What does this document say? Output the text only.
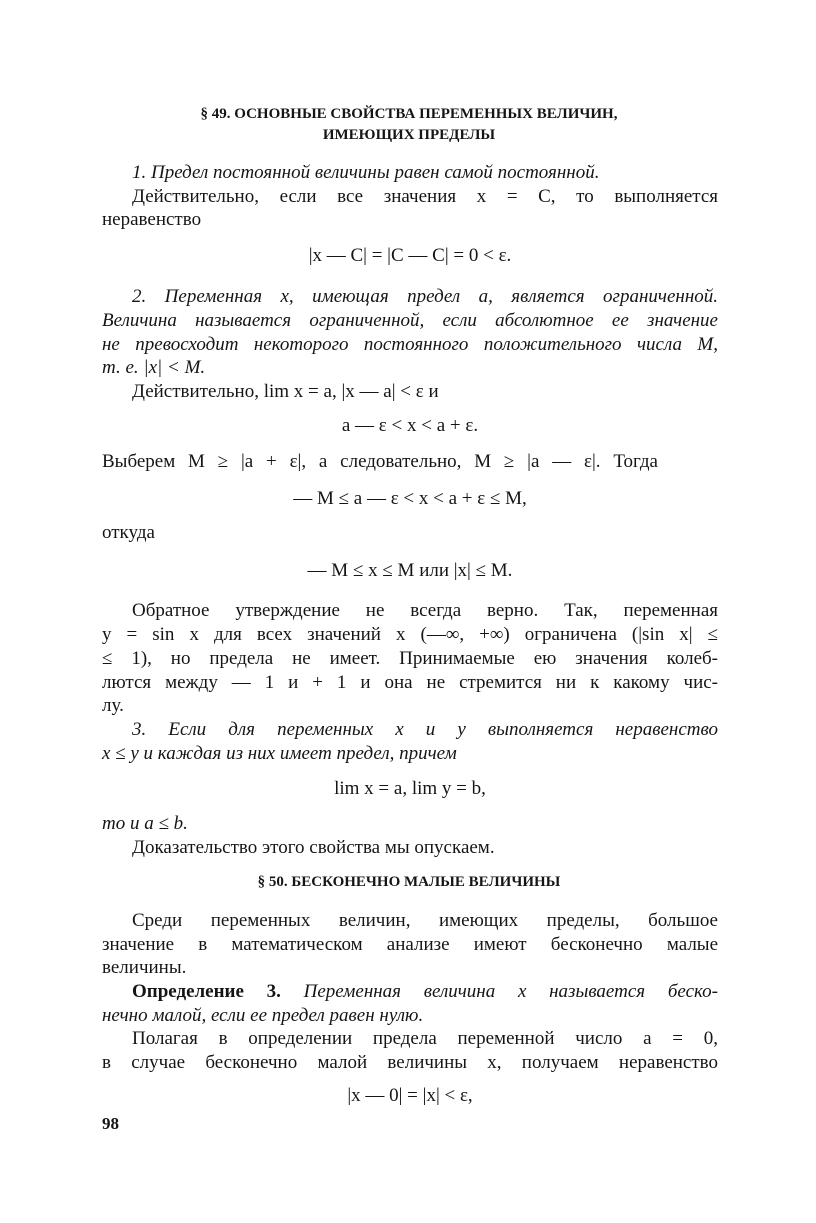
§ 49. ОСНОВНЫЕ СВОЙСТВА ПЕРЕМЕННЫХ ВЕЛИЧИН,
ИМЕЮЩИХ ПРЕДЕЛЫ
1. Предел постоянной величины равен самой постоянной.
Действительно, если все значения x = C, то выполняется
неравенство
|x — C| = |C — C| = 0 < ε.
2. Переменная x, имеющая предел a, является ограниченной.
Величина называется ограниченной, если абсолютное ее значение
не превосходит некоторого постоянного положительного числа M,
т. е. |x| < M.
Действительно, lim x = a, |x — a| < ε и
a — ε < x < a + ε.
Выберем M ≥ |a + ε|, а следовательно, M ≥ |a — ε|. Тогда
— M ≤ a — ε < x < a + ε ≤ M,
откуда
— M ≤ x ≤ M или |x| ≤ M.
Обратное утверждение не всегда верно. Так, переменная
y = sin x для всех значений x (—∞, +∞) ограничена (|sin x| ≤
≤ 1), но предела не имеет. Принимаемые ею значения колеб-
лются между — 1 и + 1 и она не стремится ни к какому чис-
лу.
3. Если для переменных x и y выполняется неравенство
x ≤ y и каждая из них имеет предел, причем
lim x = a, lim y = b,
то и a ≤ b.
Доказательство этого свойства мы опускаем.
§ 50. БЕСКОНЕЧНО МАЛЫЕ ВЕЛИЧИНЫ
Среди переменных величин, имеющих пределы, большое
значение в математическом анализе имеют бесконечно малые
величины.
Определение 3. Переменная величина x называется беско-
нечно малой, если ее предел равен нулю.
Полагая в определении предела переменной число a = 0,
в случае бесконечно малой величины x, получаем неравенство
|x — 0| = |x| < ε,
98
